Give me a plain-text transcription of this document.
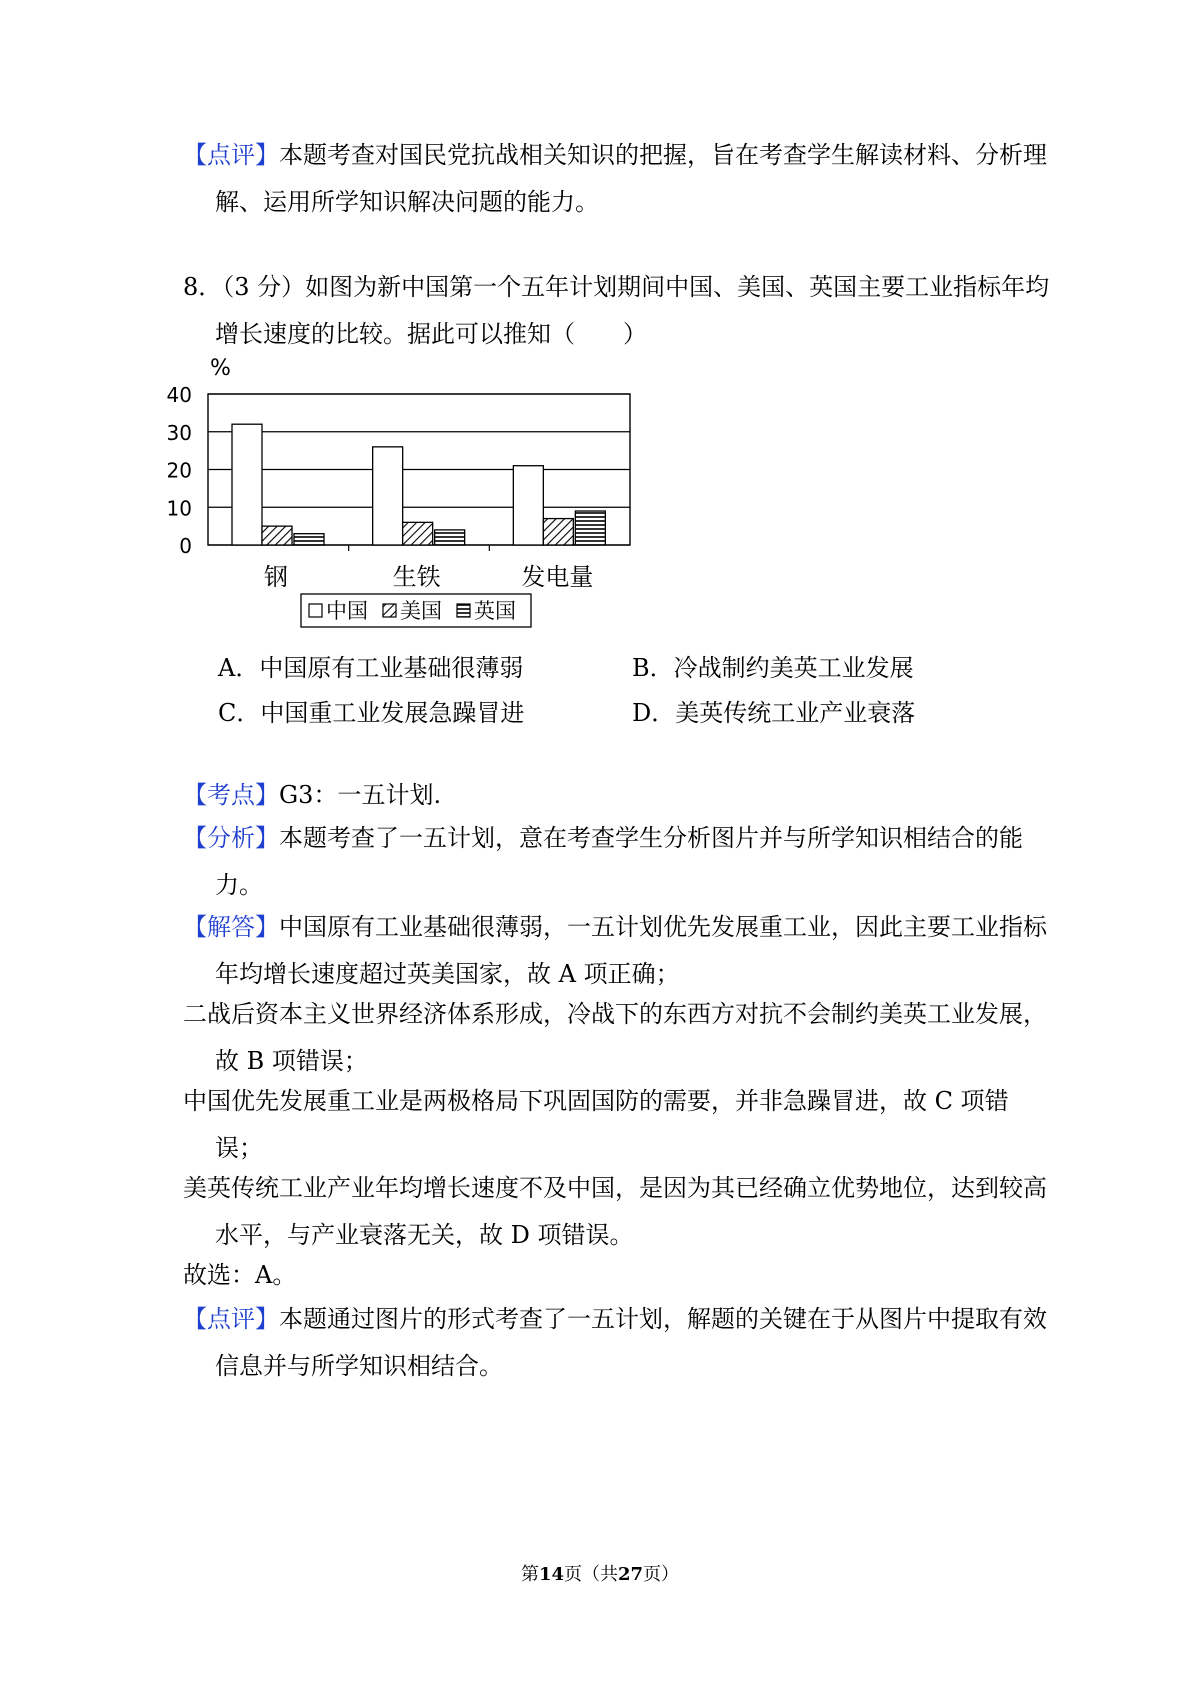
【点评】本题考查对国民党抗战相关知识的把握，旨在考查学生解读材料、分析理解、运用所学知识解决问题的能力。
8．（3 分）如图为新中国第一个五年计划期间中国、美国、英国主要工业指标年均增长速度的比较。据此可以推知（　　）
%
0
10
20
30
40
钢	生铁	发电量
中国 美国 英国
A．中国原有工业基础很薄弱	B．冷战制约美英工业发展
C．中国重工业发展急躁冒进	D．美英传统工业产业衰落
【考点】G3：一五计划.
【分析】本题考查了一五计划，意在考查学生分析图片并与所学知识相结合的能力。
【解答】中国原有工业基础很薄弱，一五计划优先发展重工业，因此主要工业指标年均增长速度超过英美国家，故 A 项正确；
二战后资本主义世界经济体系形成，冷战下的东西方对抗不会制约美英工业发展，故 B 项错误；
中国优先发展重工业是两极格局下巩固国防的需要，并非急躁冒进，故 C 项错误；
美英传统工业产业年均增长速度不及中国，是因为其已经确立优势地位，达到较高水平，与产业衰落无关，故 D 项错误。
故选：A。
【点评】本题通过图片的形式考查了一五计划，解题的关键在于从图片中提取有效信息并与所学知识相结合。
第14页（共27页）
